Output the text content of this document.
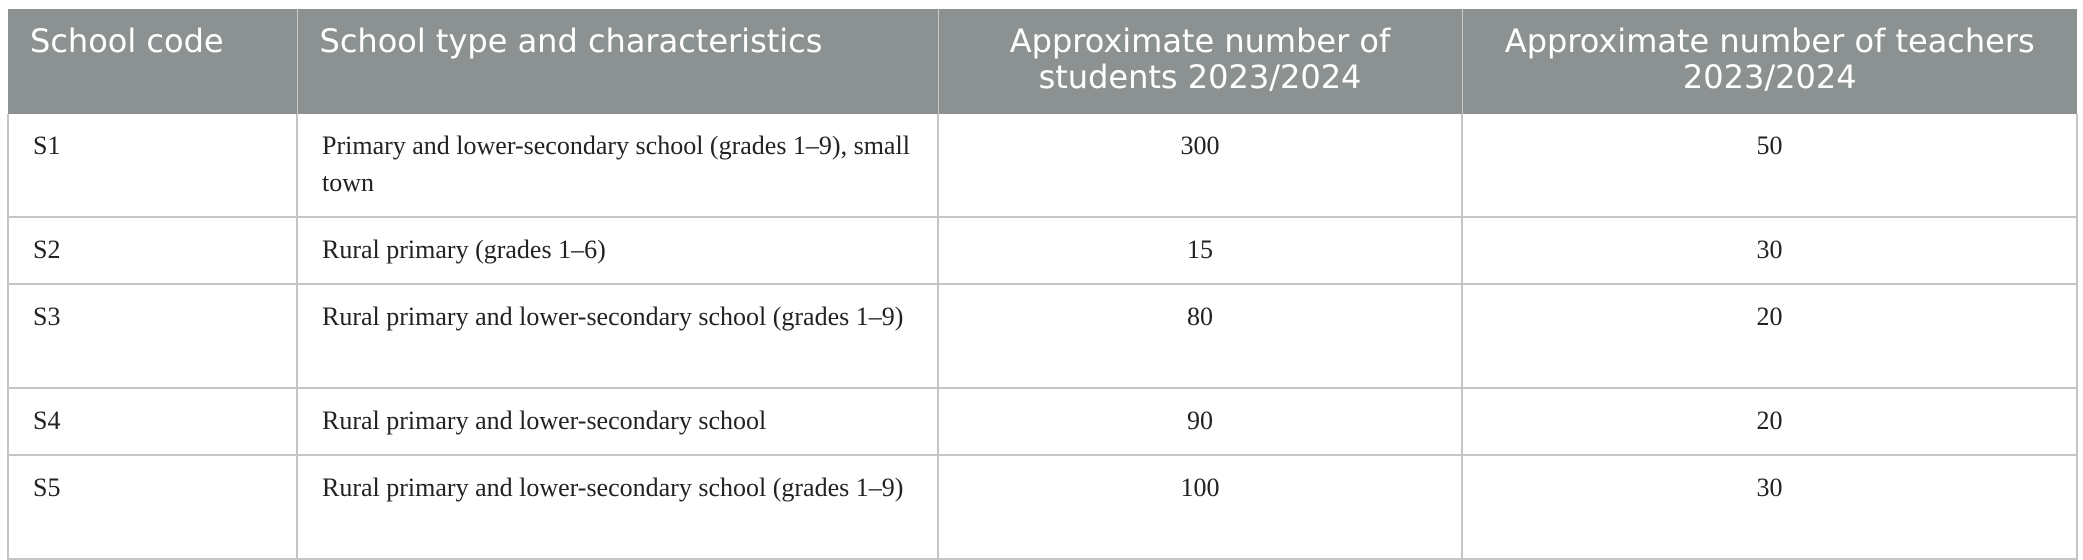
School code	School type and characteristics	Approximate number of students 2023/2024	Approximate number of teachers 2023/2024

S1	Primary and lower-secondary school (grades 1–9), small town	300	50
S2	Rural primary (grades 1–6)	15	30
S3	Rural primary and lower-secondary school (grades 1–9)	80	20
S4	Rural primary and lower-secondary school	90	20
S5	Rural primary and lower-secondary school (grades 1–9)	100	30
